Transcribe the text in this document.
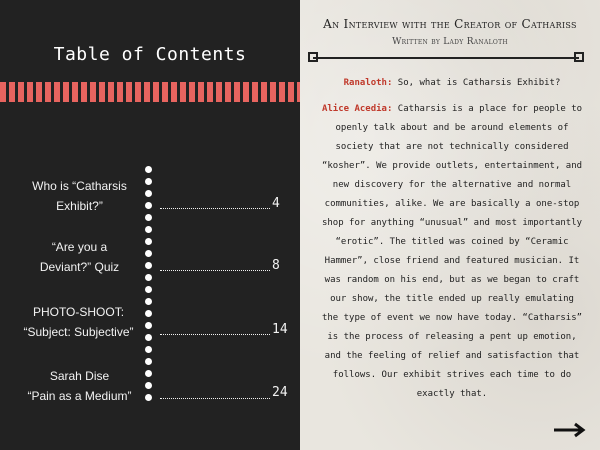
Table of Contents
Who is “Catharsis
Exhibit?”	4
“Are you a
Deviant?” Quiz	8
PHOTO-SHOOT:
“Subject: Subjective”	14
Sarah Dise
“Pain as a Medium”	24
An Interview with the Creator of Cathariss
Written by Lady Ranaloth
Ranaloth: So, what is Catharsis Exhibit?
Alice Acedia: Catharsis is a place for people to openly talk about and be around elements of society that are not technically considered “kosher”. We provide outlets, entertainment, and new discovery for the alternative and normal communities, alike. We are basically a one-stop shop for anything “unusual” and most importantly “erotic”. The titled was coined by “Ceramic Hammer”, close friend and featured musician. It was random on his end, but as we began to craft our show, the title ended up really emulating the type of event we now have today. “Catharsis” is the process of releasing a pent up emotion, and the feeling of relief and satisfaction that follows. Our exhibit strives each time to do exactly that.
